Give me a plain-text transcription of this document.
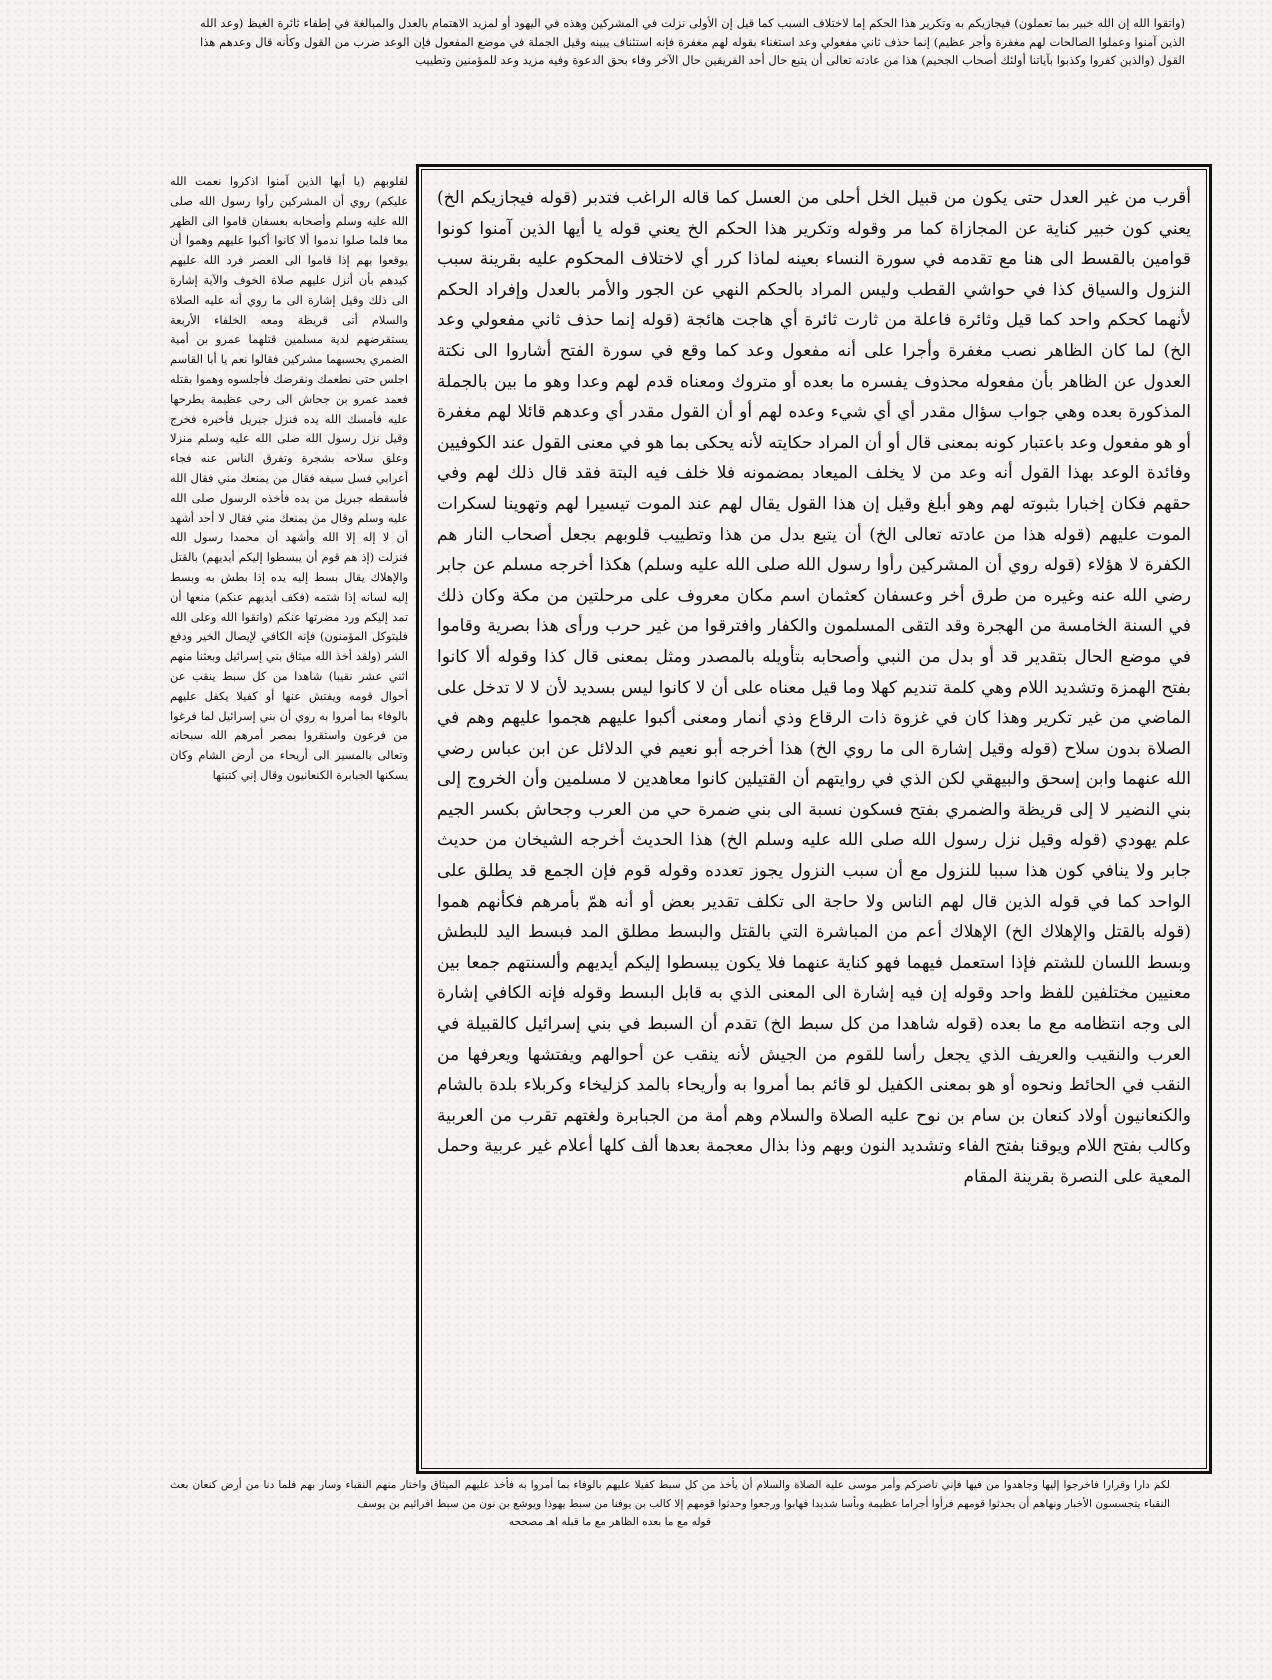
(واتقوا الله إن الله خبير بما تعملون) فيجازيكم به وتكرير هذا الحكم إما لاختلاف السبب كما قيل إن الأولى نزلت في المشركين وهذه في اليهود أو لمزيد الاهتمام بالعدل والمبالغة في إطفاء ثائرة الغيظ (وعد الله الذين آمنوا وعملوا الصالحات لهم مغفرة وأجر عظيم) إنما حذف ثاني مفعولي وعد استغناء بقوله لهم مغفرة فإنه استئناف يبينه وقيل الجملة في موضع المفعول فإن الوعد ضرب من القول وكأنه قال وعدهم هذا القول (والذين كفروا وكذبوا بآياتنا أولئك أصحاب الجحيم) هذا من عادته تعالى أن يتبع حال أحد الفريقين حال الآخر وفاء بحق الدعوة وفيه مزيد وعد للمؤمنين وتطييب

لقلوبهم (يا أيها الذين آمنوا اذكروا نعمت الله عليكم) روي أن المشركين رأوا رسول الله صلى الله عليه وسلم وأصحابه بعسفان قاموا الى الظهر معا فلما صلوا ندموا ألا كانوا أكبوا عليهم وهموا أن يوقعوا بهم إذا قاموا الى العصر فرد الله عليهم كيدهم بأن أنزل عليهم صلاة الخوف والآية إشارة الى ذلك وقيل إشارة الى ما روي أنه عليه الصلاة والسلام أتى قريظة ومعه الخلفاء الأربعة يستقرضهم لدية مسلمين قتلهما عمرو بن أمية الضمري يحسبهما مشركين فقالوا نعم يا أبا القاسم اجلس حتى نطعمك ونقرضك فأجلسوه وهموا بقتله فعمد عمرو بن جحاش الى رحى عظيمة يطرحها عليه فأمسك الله يده فنزل جبريل فأخبره فخرج وقيل نزل رسول الله صلى الله عليه وسلم منزلا وعلق سلاحه بشجرة وتفرق الناس عنه فجاء أعرابي فسل سيفه فقال من يمنعك مني فقال الله فأسقطه جبريل من يده فأخذه الرسول صلى الله عليه وسلم وقال من يمنعك مني فقال لا أحد أشهد أن لا إله إلا الله وأشهد أن محمدا رسول الله فنزلت (إذ هم قوم أن يبسطوا إليكم أيديهم) بالقتل والإهلاك يقال بسط إليه يده إذا بطش به وبسط إليه لسانه إذا شتمه (فكف أيديهم عنكم) منعها أن تمد إليكم ورد مضرتها عنكم (واتقوا الله وعلى الله فليتوكل المؤمنون) فإنه الكافي لإيصال الخير ودفع الشر (ولقد أخذ الله ميثاق بني إسرائيل وبعثنا منهم اثني عشر نقيبا) شاهدا من كل سبط ينقب عن أحوال قومه ويفتش عنها أو كفيلا يكفل عليهم بالوفاء بما أمروا به روي أن بني إسرائيل لما فرغوا من فرعون واستقروا بمصر أمرهم الله سبحانه وتعالى بالمسير الى أريحاء من أرض الشام وكان يسكنها الجبابرة الكنعانيون وقال إني كتبتها

أقرب من غير العدل حتى يكون من قبيل الخل أحلى من العسل كما قاله الراغب فتدبر (قوله فيجازيكم الخ) يعني كون خبير كناية عن المجازاة كما مر وقوله وتكرير هذا الحكم الخ يعني قوله يا أيها الذين آمنوا كونوا قوامين بالقسط الى هنا مع تقدمه في سورة النساء بعينه لماذا كرر أي لاختلاف المحكوم عليه بقرينة سبب النزول والسياق كذا في حواشي القطب وليس المراد بالحكم النهي عن الجور والأمر بالعدل وإفراد الحكم لأنهما كحكم واحد كما قيل وثائرة فاعلة من ثارت ثائرة أي هاجت هائجة (قوله إنما حذف ثاني مفعولي وعد الخ) لما كان الظاهر نصب مغفرة وأجرا على أنه مفعول وعد كما وقع في سورة الفتح أشاروا الى نكتة العدول عن الظاهر بأن مفعوله محذوف يفسره ما بعده أو متروك ومعناه قدم لهم وعدا وهو ما بين بالجملة المذكورة بعده وهي جواب سؤال مقدر أي أي شيء وعده لهم أو أن القول مقدر أي وعدهم قائلا لهم مغفرة أو هو مفعول وعد باعتبار كونه بمعنى قال أو أن المراد حكايته لأنه يحكى بما هو في معنى القول عند الكوفيين وفائدة الوعد بهذا القول أنه وعد من لا يخلف الميعاد بمضمونه فلا خلف فيه البتة فقد قال ذلك لهم وفي حقهم فكان إخبارا بثبوته لهم وهو أبلغ وقيل إن هذا القول يقال لهم عند الموت تيسيرا لهم وتهوينا لسكرات الموت عليهم (قوله هذا من عادته تعالى الخ) أن يتبع بدل من هذا وتطييب قلوبهم بجعل أصحاب النار هم الكفرة لا هؤلاء (قوله روي أن المشركين رأوا رسول الله صلى الله عليه وسلم) هكذا أخرجه مسلم عن جابر رضي الله عنه وغيره من طرق أخر وعسفان كعثمان اسم مكان معروف على مرحلتين من مكة وكان ذلك في السنة الخامسة من الهجرة وقد التقى المسلمون والكفار وافترقوا من غير حرب ورأى هذا بصرية وقاموا في موضع الحال بتقدير قد أو بدل من النبي وأصحابه بتأويله بالمصدر ومثل بمعنى قال كذا وقوله ألا كانوا بفتح الهمزة وتشديد اللام وهي كلمة تنديم كهلا وما قيل معناه على أن لا كانوا ليس بسديد لأن لا لا تدخل على الماضي من غير تكرير وهذا كان في غزوة ذات الرقاع وذي أنمار ومعنى أكبوا عليهم هجموا عليهم وهم في الصلاة بدون سلاح (قوله وقيل إشارة الى ما روي الخ) هذا أخرجه أبو نعيم في الدلائل عن ابن عباس رضي الله عنهما وابن إسحق والبيهقي لكن الذي في روايتهم أن القتيلين كانوا معاهدين لا مسلمين وأن الخروج إلى بني النضير لا إلى قريظة والضمري بفتح فسكون نسبة الى بني ضمرة حي من العرب وجحاش بكسر الجيم علم يهودي (قوله وقيل نزل رسول الله صلى الله عليه وسلم الخ) هذا الحديث أخرجه الشيخان من حديث جابر ولا ينافي كون هذا سببا للنزول مع أن سبب النزول يجوز تعدده وقوله قوم فإن الجمع قد يطلق على الواحد كما في قوله الذين قال لهم الناس ولا حاجة الى تكلف تقدير بعض أو أنه همّ بأمرهم فكأنهم هموا (قوله بالقتل والإهلاك الخ) الإهلاك أعم من المباشرة التي بالقتل والبسط مطلق المد فبسط اليد للبطش وبسط اللسان للشتم فإذا استعمل فيهما فهو كناية عنهما فلا يكون يبسطوا إليكم أيديهم وألسنتهم جمعا بين معنيين مختلفين للفظ واحد وقوله إن فيه إشارة الى المعنى الذي به قابل البسط وقوله فإنه الكافي إشارة الى وجه انتظامه مع ما بعده (قوله شاهدا من كل سبط الخ) تقدم أن السبط في بني إسرائيل كالقبيلة في العرب والنقيب والعريف الذي يجعل رأسا للقوم من الجيش لأنه ينقب عن أحوالهم ويفتشها ويعرفها من النقب في الحائط ونحوه أو هو بمعنى الكفيل لو قائم بما أمروا به وأريحاء بالمد كزليخاء وكربلاء بلدة بالشام والكنعانيون أولاد كنعان بن سام بن نوح عليه الصلاة والسلام وهم أمة من الجبابرة ولغتهم تقرب من العربية وكالب بفتح اللام ويوقنا بفتح الفاء وتشديد النون وبهم وذا بذال معجمة بعدها ألف كلها أعلام غير عربية وحمل المعية على النصرة بقرينة المقام

لكم دارا وقرارا فاخرجوا إليها وجاهدوا من فيها فإني ناصركم وأمر موسى عليه الصلاة والسلام أن يأخذ من كل سبط كفيلا عليهم بالوفاء بما أمروا به فأخذ عليهم الميثاق واختار منهم النقباء وسار بهم فلما دنا من أرض كنعان بعث النقباء يتجسسون الأخبار ونهاهم أن يحدثوا قومهم فرأوا أجراما عظيمة وبأسا شديدا فهابوا ورجعوا وحدثوا قومهم إلا كالب بن يوفنا من سبط يهوذا ويوشع بن نون من سبط افرائيم بن يوسف

قوله مع ما بعده الظاهر مع ما قبله اهـ مصححه
